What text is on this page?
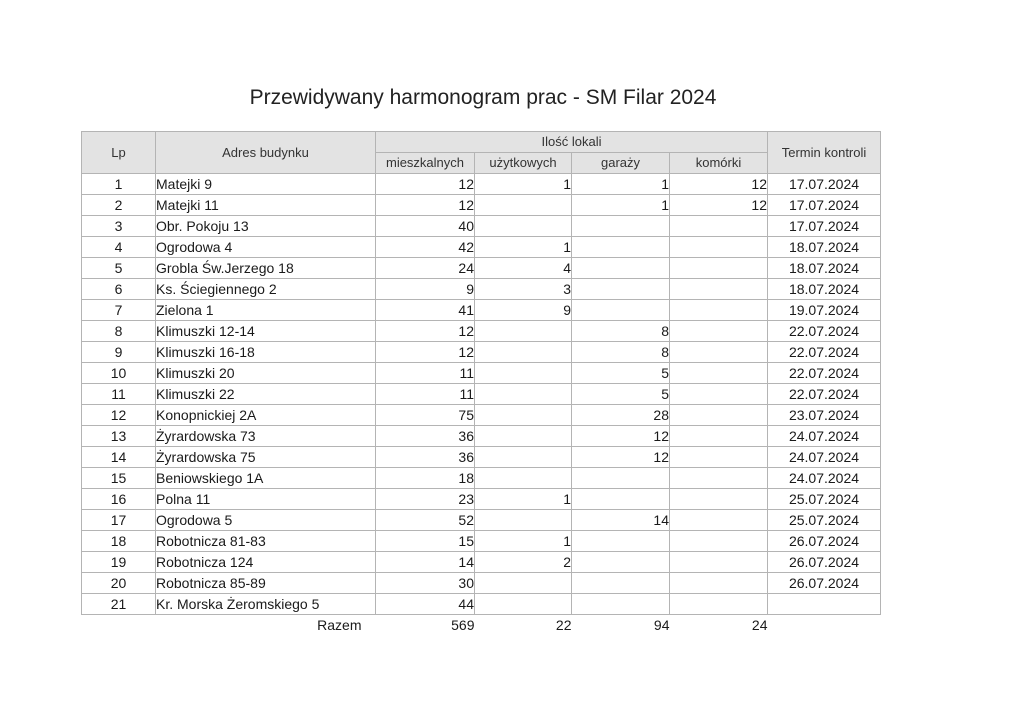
Przewidywany harmonogram prac - SM Filar 2024
Lp	Adres budynku	Ilość lokali				Termin kontroli
		mieszkalnych	użytkowych	garaży	komórki	
1	Matejki 9	12	1	1	12	17.07.2024
2	Matejki 11	12		1	12	17.07.2024
3	Obr. Pokoju 13	40				17.07.2024
4	Ogrodowa 4	42	1			18.07.2024
5	Grobla Św.Jerzego 18	24	4			18.07.2024
6	Ks. Ściegiennego 2	9	3			18.07.2024
7	Zielona 1	41	9			19.07.2024
8	Klimuszki 12-14	12		8		22.07.2024
9	Klimuszki 16-18	12		8		22.07.2024
10	Klimuszki 20	11		5		22.07.2024
11	Klimuszki 22	11		5		22.07.2024
12	Konopnickiej 2A	75		28		23.07.2024
13	Żyrardowska 73	36		12		24.07.2024
14	Żyrardowska 75	36		12		24.07.2024
15	Beniowskiego 1A	18				24.07.2024
16	Polna 11	23	1			25.07.2024
17	Ogrodowa 5	52		14		25.07.2024
18	Robotnicza 81-83	15	1			26.07.2024
19	Robotnicza 124	14	2			26.07.2024
20	Robotnicza 85-89	30				26.07.2024
21	Kr. Morska Żeromskiego 5	44				
	Razem	569	22	94	24	
